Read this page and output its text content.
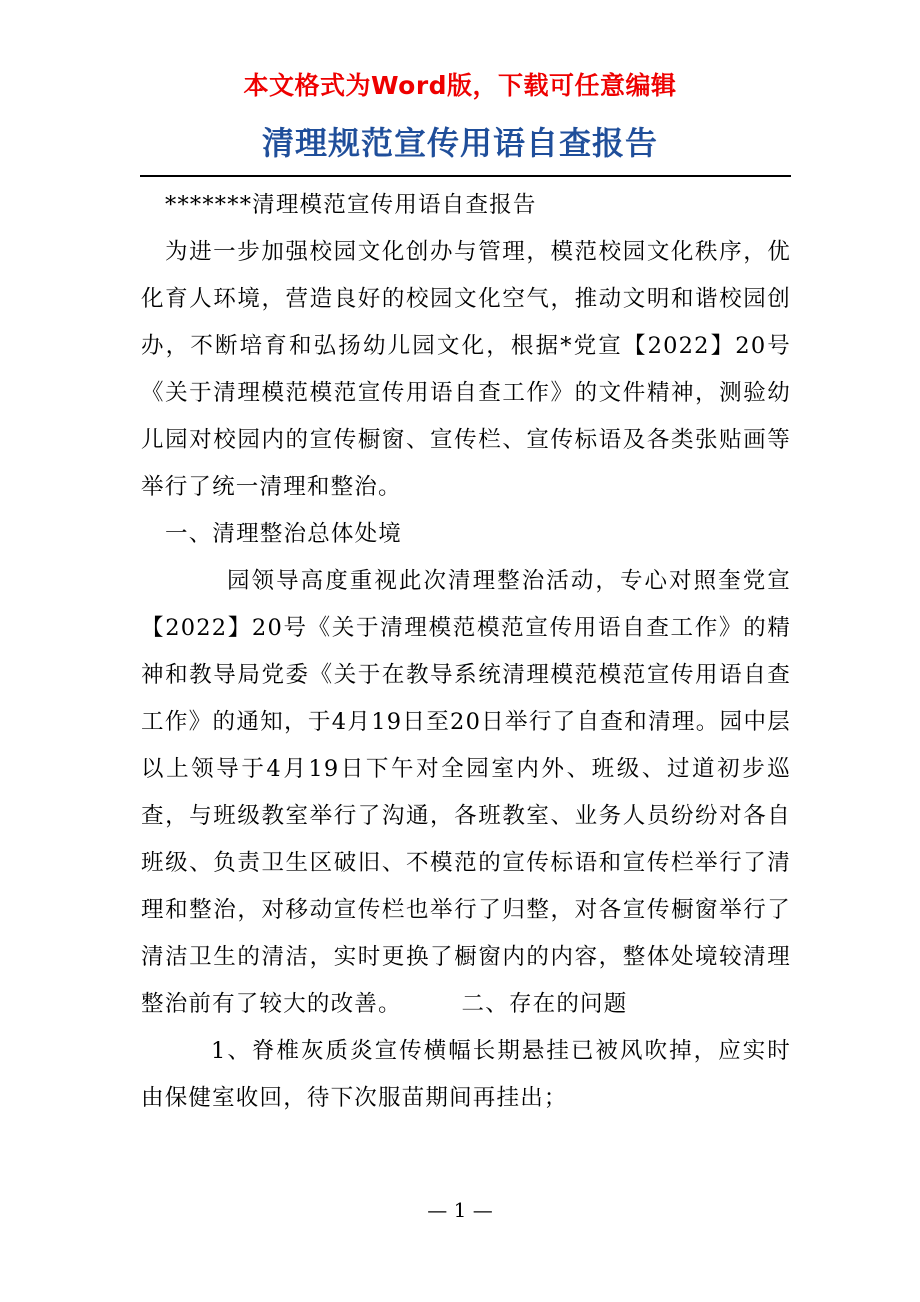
本文格式为Word版，下载可任意编辑
清理规范宣传用语自查报告

*******清理模范宣传用语自查报告

为进一步加强校园文化创办与管理，模范校园文化秩序，优化育人环境，营造良好的校园文化空气，推动文明和谐校园创办，不断培育和弘扬幼儿园文化，根据*党宣【2022】20号《关于清理模范模范宣传用语自查工作》的文件精神，测验幼儿园对校园内的宣传橱窗、宣传栏、宣传标语及各类张贴画等举行了统一清理和整治。

一、清理整治总体处境

园领导高度重视此次清理整治活动，专心对照奎党宣【2022】20号《关于清理模范模范宣传用语自查工作》的精神和教导局党委《关于在教导系统清理模范模范宣传用语自查工作》的通知，于4月19日至20日举行了自查和清理。园中层以上领导于4月19日下午对全园室内外、班级、过道初步巡查，与班级教室举行了沟通，各班教室、业务人员纷纷对各自班级、负责卫生区破旧、不模范的宣传标语和宣传栏举行了清理和整治，对移动宣传栏也举行了归整，对各宣传橱窗举行了清洁卫生的清洁，实时更换了橱窗内的内容，整体处境较清理整治前有了较大的改善。　　　二、存在的问题

1、脊椎灰质炎宣传横幅长期悬挂已被风吹掉，应实时由保健室收回，待下次服苗期间再挂出；

— 1 —
